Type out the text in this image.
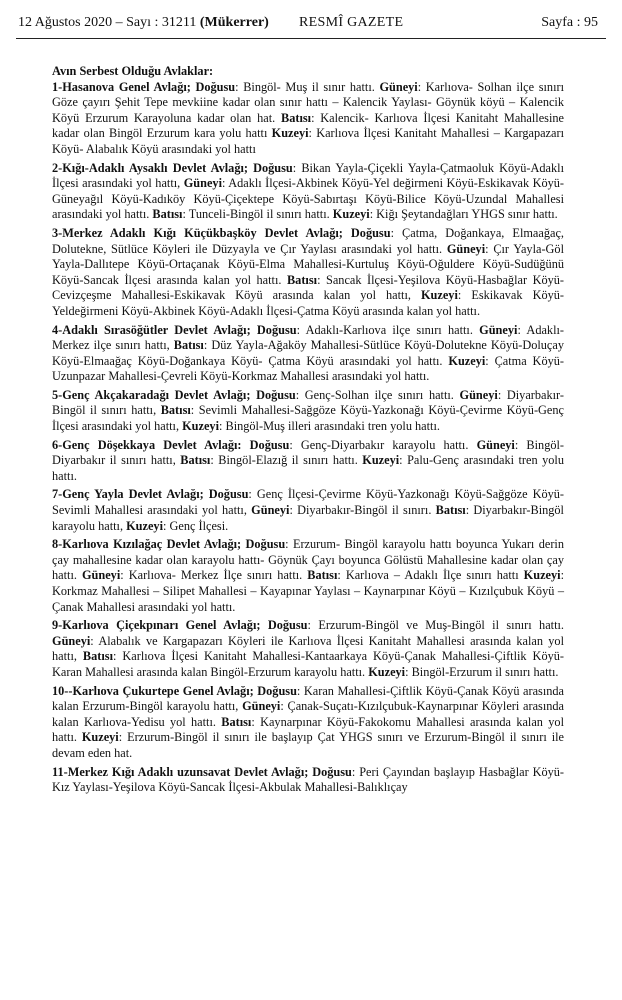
12 Ağustos 2020 – Sayı : 31211 (Mükerrer) RESMÎ GAZETE	Sayfa : 95
Avın Serbest Olduğu Avlaklar:
1-Hasanova Genel Avlağı; Doğusu: Bingöl- Muş il sınır hattı. Güneyi: Karlıova- Solhan ilçe sınırı Göze çayırı Şehit Tepe mevkiine kadar olan sınır hattı – Kalencik Yaylası- Göynük köyü – Kalencik Köyü Erzurum Karayoluna kadar olan hat. Batısı: Kalencik- Karlıova İlçesi Kanitaht Mahallesine kadar olan Bingöl Erzurum kara yolu hattı Kuzeyi: Karlıova İlçesi Kanitaht Mahallesi – Kargapazarı Köyü- Alabalık Köyü arasındaki yol hattı
2-Kığı-Adaklı Aysaklı Devlet Avlağı; Doğusu: Bikan Yayla-Çiçekli Yayla-Çatmaoluk Köyü-Adaklı İlçesi arasındaki yol hattı, Güneyi: Adaklı İlçesi-Akbinek Köyü-Yel değirmeni Köyü-Eskikavak Köyü-Güneyağıl Köyü-Kadıköy Köyü-Çiçektepe Köyü-Sabırtaşı Köyü-Bilice Köyü-Uzundal Mahallesi arasındaki yol hattı. Batısı: Tunceli-Bingöl il sınırı hattı. Kuzeyi: Kiğı Şeytandağları YHGS sınır hattı.
3-Merkez Adaklı Kığı Küçükbaşköy Devlet Avlağı; Doğusu: Çatma, Doğankaya, Elmaağaç, Dolutekne, Sütlüce Köyleri ile Düzyayla ve Çır Yaylası arasındaki yol hattı. Güneyi: Çır Yayla-Göl Yayla-Dallıtepe Köyü-Ortaçanak Köyü-Elma Mahallesi-Kurtuluş Köyü-Oğuldere Köyü-Sudüğünü Köyü-Sancak İlçesi arasında kalan yol hattı. Batısı: Sancak İlçesi-Yeşilova Köyü-Hasbağlar Köyü-Cevizçeşme Mahallesi-Eskikavak Köyü arasında kalan yol hattı, Kuzeyi: Eskikavak Köyü-Yeldeğirmeni Köyü-Akbinek Köyü-Adaklı İlçesi-Çatma Köyü arasında kalan yol hattı.
4-Adaklı Sırasöğütler Devlet Avlağı; Doğusu: Adaklı-Karlıova ilçe sınırı hattı. Güneyi: Adaklı-Merkez ilçe sınırı hattı, Batısı: Düz Yayla-Ağaköy Mahallesi-Sütlüce Köyü-Dolutekne Köyü-Doluçay Köyü-Elmaağaç Köyü-Doğankaya Köyü- Çatma Köyü arasındaki yol hattı. Kuzeyi: Çatma Köyü-Uzunpazar Mahallesi-Çevreli Köyü-Korkmaz Mahallesi arasındaki yol hattı.
5-Genç Akçakaradağı Devlet Avlağı; Doğusu: Genç-Solhan ilçe sınırı hattı. Güneyi: Diyarbakır-Bingöl il sınırı hattı, Batısı: Sevimli Mahallesi-Sağgöze Köyü-Yazkonağı Köyü-Çevirme Köyü-Genç İlçesi arasındaki yol hattı, Kuzeyi: Bingöl-Muş illeri arasındaki tren yolu hattı.
6-Genç Döşekkaya Devlet Avlağı: Doğusu: Genç-Diyarbakır karayolu hattı. Güneyi: Bingöl-Diyarbakır il sınırı hattı, Batısı: Bingöl-Elazığ il sınırı hattı. Kuzeyi: Palu-Genç arasındaki tren yolu hattı.
7-Genç Yayla Devlet Avlağı; Doğusu: Genç İlçesi-Çevirme Köyü-Yazkonağı Köyü-Sağgöze Köyü-Sevimli Mahallesi arasındaki yol hattı, Güneyi: Diyarbakır-Bingöl il sınırı. Batısı: Diyarbakır-Bingöl karayolu hattı, Kuzeyi: Genç İlçesi.
8-Karlıova Kızılağaç Devlet Avlağı; Doğusu: Erzurum- Bingöl karayolu hattı boyunca Yukarı derin çay mahallesine kadar olan karayolu hattı- Göynük Çayı boyunca Gölüstü Mahallesine kadar olan çay hattı. Güneyi: Karlıova- Merkez İlçe sınırı hattı. Batısı: Karlıova – Adaklı İlçe sınırı hattı Kuzeyi: Korkmaz Mahallesi – Silipet Mahallesi – Kayapınar Yaylası – Kaynarpınar Köyü – Kızılçubuk Köyü – Çanak Mahallesi arasındaki yol hattı.
9-Karlıova Çiçekpınarı Genel Avlağı; Doğusu: Erzurum-Bingöl ve Muş-Bingöl il sınırı hattı. Güneyi: Alabalık ve Kargapazarı Köyleri ile Karlıova İlçesi Kanitaht Mahallesi arasında kalan yol hattı, Batısı: Karlıova İlçesi Kanitaht Mahallesi-Kantaarkaya Köyü-Çanak Mahallesi-Çiftlik Köyü-Karan Mahallesi arasında kalan Bingöl-Erzurum karayolu hattı. Kuzeyi: Bingöl-Erzurum il sınırı hattı.
10--Karlıova Çukurtepe Genel Avlağı; Doğusu: Karan Mahallesi-Çiftlik Köyü-Çanak Köyü arasında kalan Erzurum-Bingöl karayolu hattı, Güneyi: Çanak-Suçatı-Kızılçubuk-Kaynarpınar Köyleri arasında kalan Karlıova-Yedisu yol hattı. Batısı: Kaynarpınar Köyü-Fakokomu Mahallesi arasında kalan yol hattı. Kuzeyi: Erzurum-Bingöl il sınırı ile başlayıp Çat YHGS sınırı ve Erzurum-Bingöl il sınırı ile devam eden hat.
11-Merkez Kığı Adaklı uzunsavat Devlet Avlağı; Doğusu: Peri Çayından başlayıp Hasbağlar Köyü-Kız Yaylası-Yeşilova Köyü-Sancak İlçesi-Akbulak Mahallesi-Balıklıçay
